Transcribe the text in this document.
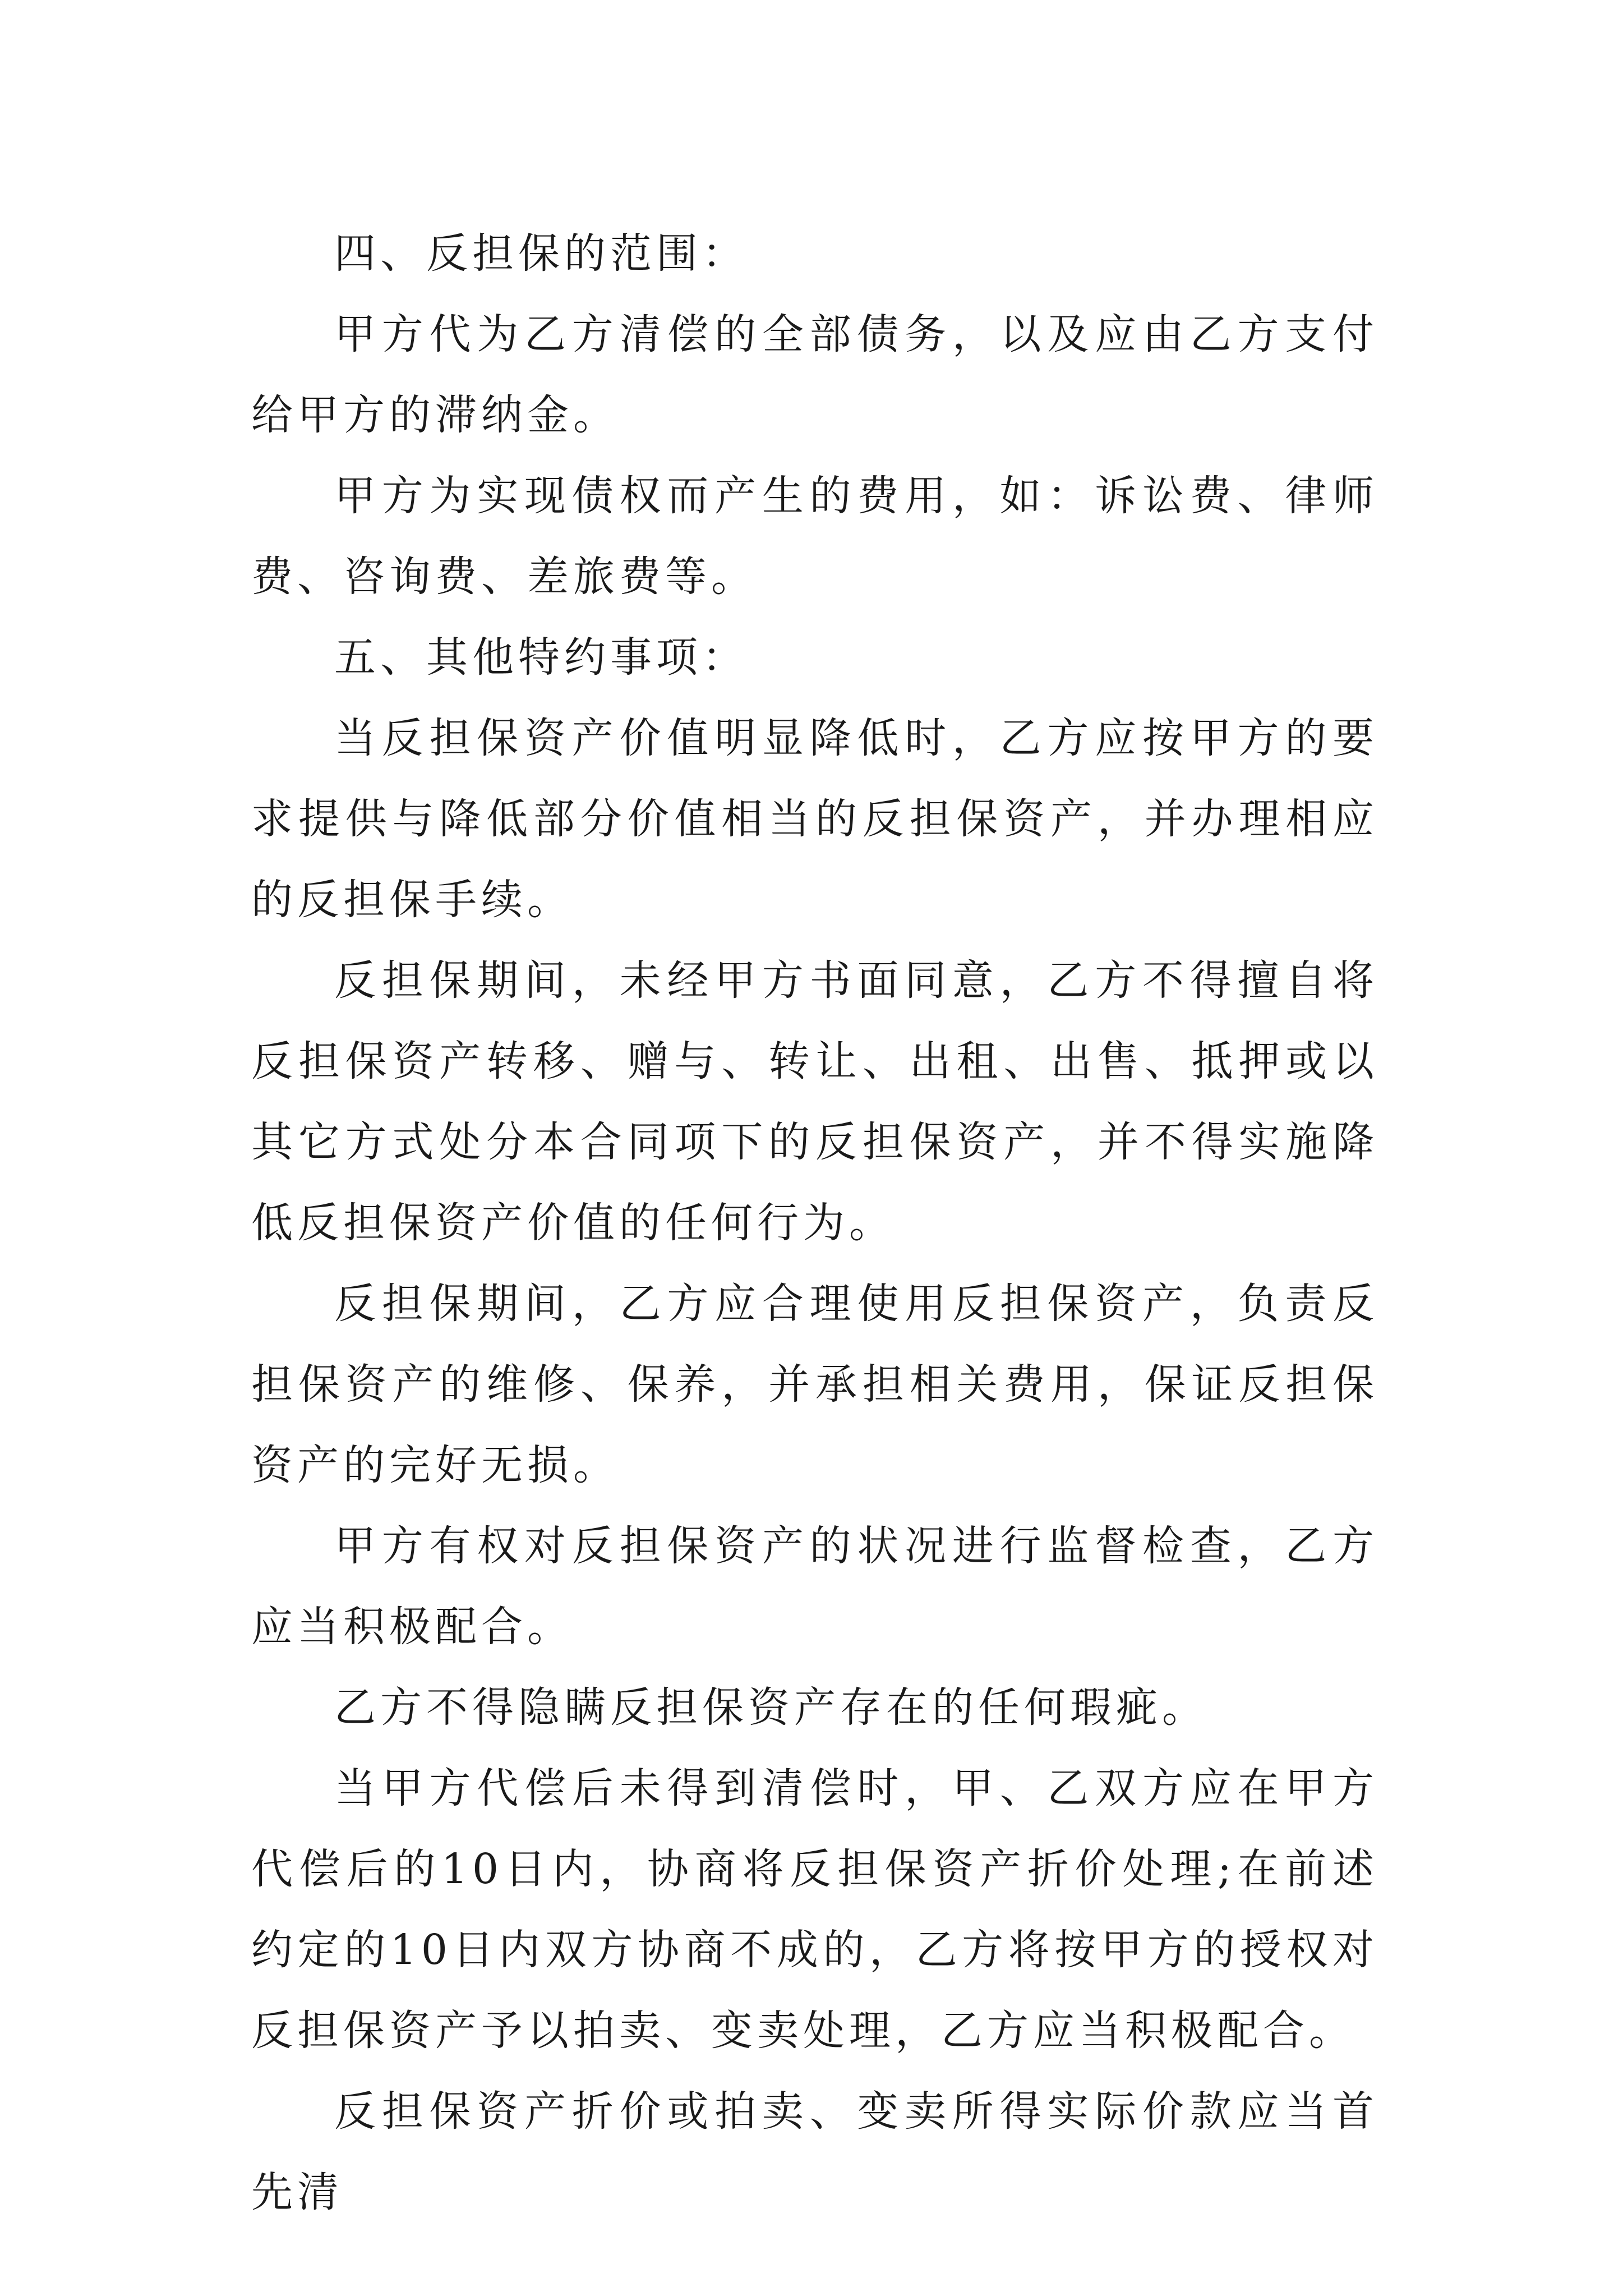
四、反担保的范围：

甲方代为乙方清偿的全部债务，以及应由乙方支付给甲方的滞纳金。

甲方为实现债权而产生的费用，如：诉讼费、律师费、咨询费、差旅费等。

五、其他特约事项：

当反担保资产价值明显降低时，乙方应按甲方的要求提供与降低部分价值相当的反担保资产，并办理相应的反担保手续。

反担保期间，未经甲方书面同意，乙方不得擅自将反担保资产转移、赠与、转让、出租、出售、抵押或以其它方式处分本合同项下的反担保资产，并不得实施降低反担保资产价值的任何行为。

反担保期间，乙方应合理使用反担保资产，负责反担保资产的维修、保养，并承担相关费用，保证反担保资产的完好无损。

甲方有权对反担保资产的状况进行监督检查，乙方应当积极配合。

乙方不得隐瞒反担保资产存在的任何瑕疵。

当甲方代偿后未得到清偿时，甲、乙双方应在甲方代偿后的10日内，协商将反担保资产折价处理;在前述约定的10日内双方协商不成的，乙方将按甲方的授权对反担保资产予以拍卖、变卖处理，乙方应当积极配合。

反担保资产折价或拍卖、变卖所得实际价款应当首先清
